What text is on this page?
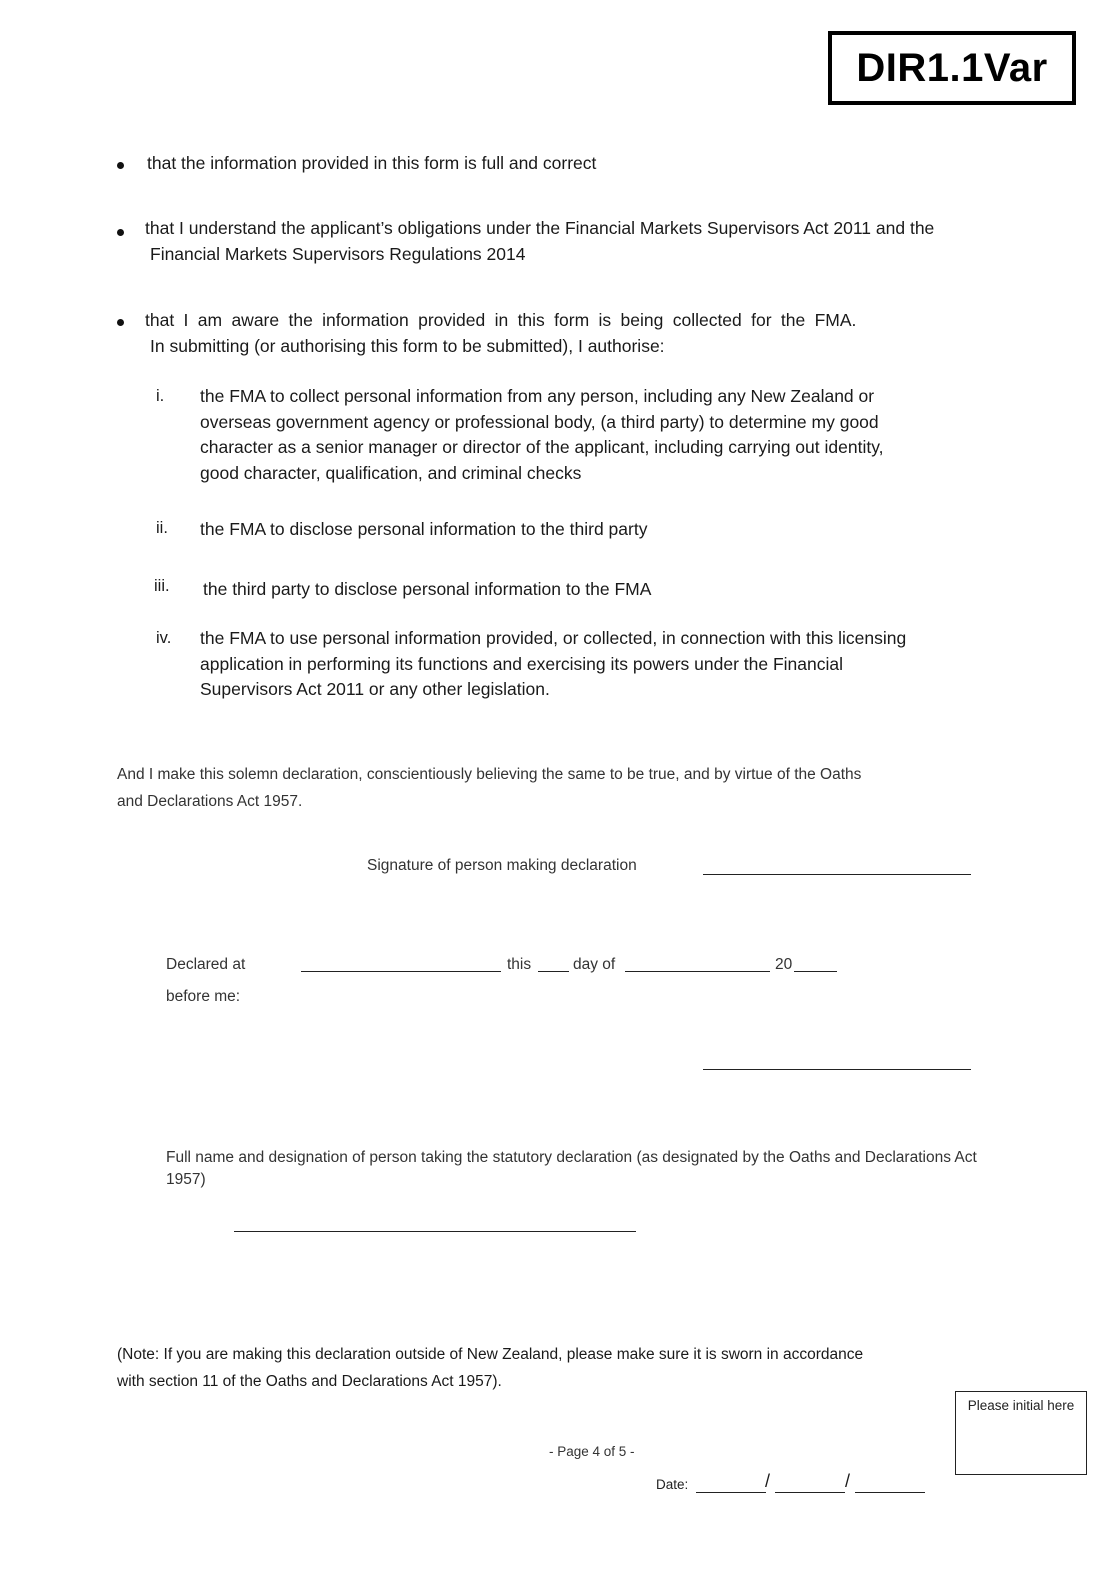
DIR1.1Var
that the information provided in this form is full and correct
that I understand the applicant’s obligations under the Financial Markets Supervisors Act 2011 and the
Financial Markets Supervisors Regulations 2014
that I am aware the information provided in this form is being collected for the FMA.
In submitting (or authorising this form to be submitted), I authorise:
i. the FMA to collect personal information from any person, including any New Zealand or
overseas government agency or professional body, (a third party) to determine my good
character as a senior manager or director of the applicant, including carrying out identity,
good character, qualification, and criminal checks
ii. the FMA to disclose personal information to the third party
iii. the third party to disclose personal information to the FMA
iv. the FMA to use personal information provided, or collected, in connection with this licensing
application in performing its functions and exercising its powers under the Financial
Supervisors Act 2011 or any other legislation.
And I make this solemn declaration, conscientiously believing the same to be true, and by virtue of the Oaths
and Declarations Act 1957.
Signature of person making declaration
Declared at	this	day of	20
before me:
Full name and designation of person taking the statutory declaration (as designated by the Oaths and Declarations Act
1957)
(Note: If you are making this declaration outside of New Zealand, please make sure it is sworn in accordance
with section 11 of the Oaths and Declarations Act 1957).
Please initial here
- Page 4 of 5 -
Date:	/	/
